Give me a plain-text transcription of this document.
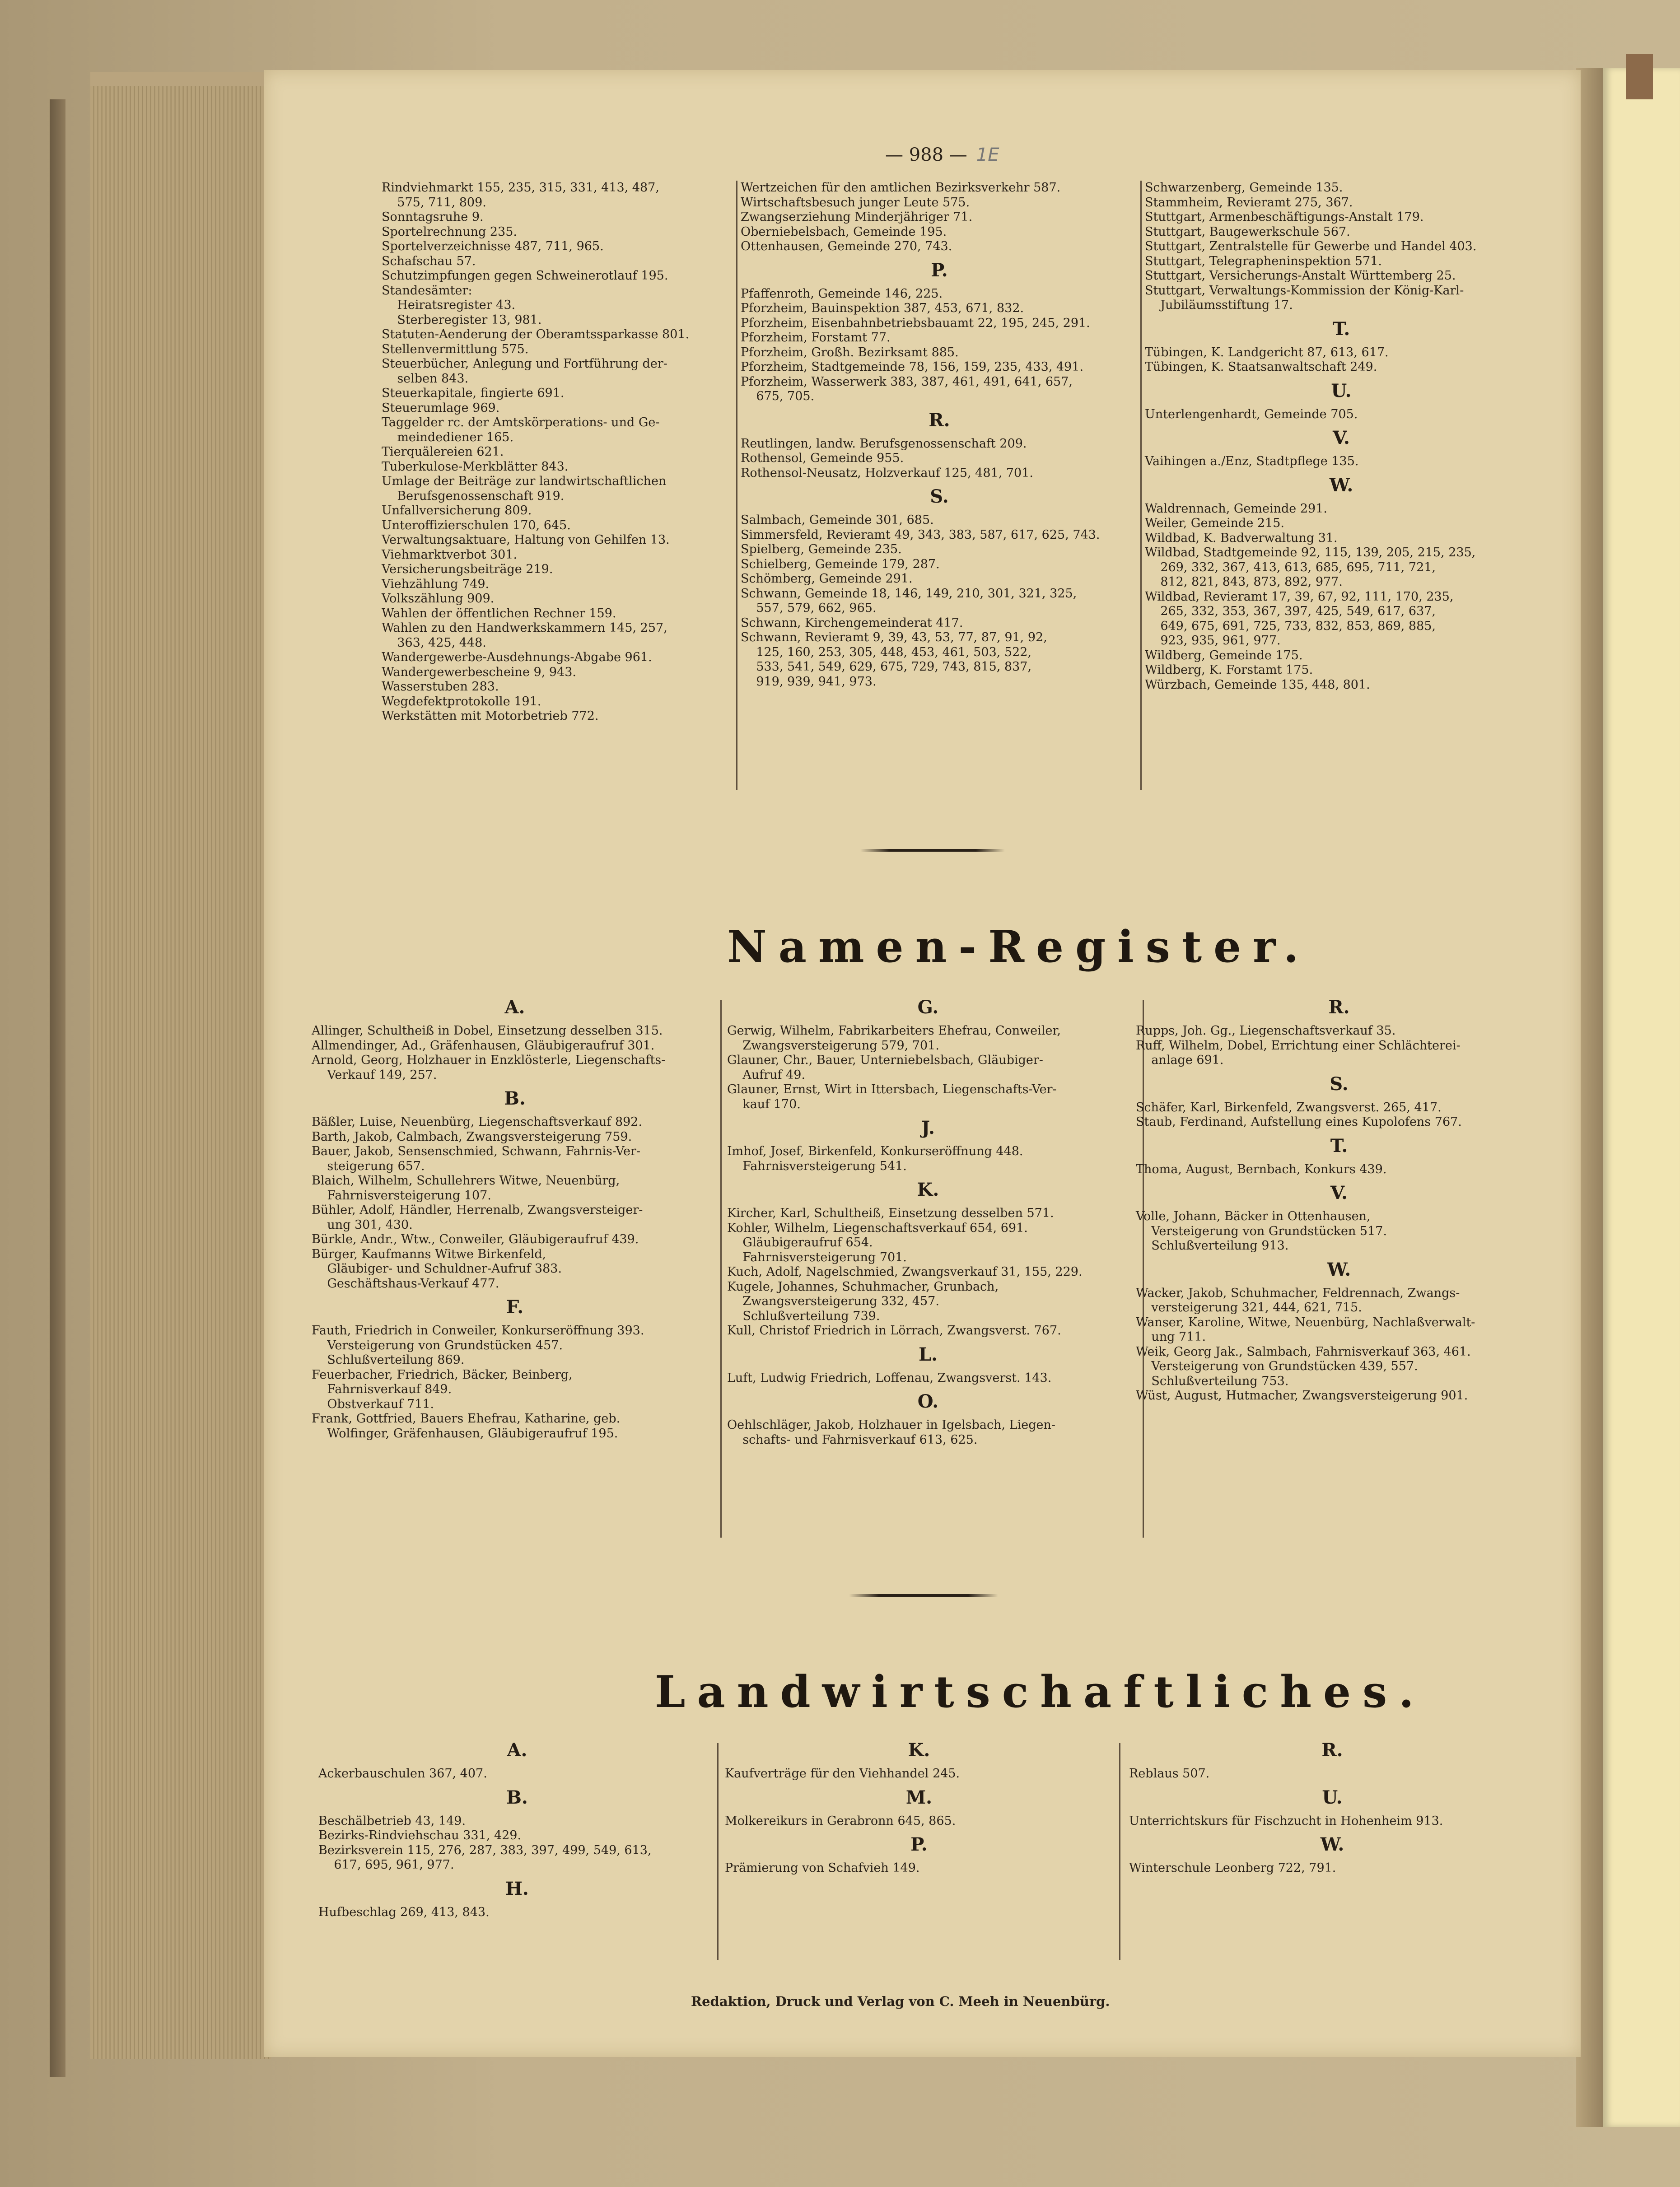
— 988 — 1E
Rindviehmarkt 155, 235, 315, 331, 413, 487,
575, 711, 809.
Sonntagsruhe 9.
Sportelrechnung 235.
Sportelverzeichnisse 487, 711, 965.
Schafschau 57.
Schutzimpfungen gegen Schweinerotlauf 195.
Standesämter:
Heiratsregister 43.
Sterberegister 13, 981.
Statuten-Aenderung der Oberamtssparkasse 801.
Stellenvermittlung 575.
Steuerbücher, Anlegung und Fortführung der-
selben 843.
Steuerkapitale, fingierte 691.
Steuerumlage 969.
Taggelder rc. der Amtskörperations- und Ge-
meindediener 165.
Tierquälereien 621.
Tuberkulose-Merkblätter 843.
Umlage der Beiträge zur landwirtschaftlichen
Berufsgenossenschaft 919.
Unfallversicherung 809.
Unteroffizierschulen 170, 645.
Verwaltungsaktuare, Haltung von Gehilfen 13.
Viehmarktverbot 301.
Versicherungsbeiträge 219.
Viehzählung 749.
Volkszählung 909.
Wahlen der öffentlichen Rechner 159.
Wahlen zu den Handwerkskammern 145, 257,
363, 425, 448.
Wandergewerbe-Ausdehnungs-Abgabe 961.
Wandergewerbescheine 9, 943.
Wasserstuben 283.
Wegdefektprotokolle 191.
Werkstätten mit Motorbetrieb 772.
Wertzeichen für den amtlichen Bezirksverkehr 587.
Wirtschaftsbesuch junger Leute 575.
Zwangserziehung Minderjähriger 71.
Oberniebelsbach, Gemeinde 195.
Ottenhausen, Gemeinde 270, 743.
P.
Pfaffenroth, Gemeinde 146, 225.
Pforzheim, Bauinspektion 387, 453, 671, 832.
Pforzheim, Eisenbahnbetriebsbauamt 22, 195, 245, 291.
Pforzheim, Forstamt 77.
Pforzheim, Großh. Bezirksamt 885.
Pforzheim, Stadtgemeinde 78, 156, 159, 235, 433, 491.
Pforzheim, Wasserwerk 383, 387, 461, 491, 641, 657,
675, 705.
R.
Reutlingen, landw. Berufsgenossenschaft 209.
Rothensol, Gemeinde 955.
Rothensol-Neusatz, Holzverkauf 125, 481, 701.
S.
Salmbach, Gemeinde 301, 685.
Simmersfeld, Revieramt 49, 343, 383, 587, 617, 625, 743.
Spielberg, Gemeinde 235.
Schielberg, Gemeinde 179, 287.
Schömberg, Gemeinde 291.
Schwann, Gemeinde 18, 146, 149, 210, 301, 321, 325,
557, 579, 662, 965.
Schwann, Kirchengemeinderat 417.
Schwann, Revieramt 9, 39, 43, 53, 77, 87, 91, 92,
125, 160, 253, 305, 448, 453, 461, 503, 522,
533, 541, 549, 629, 675, 729, 743, 815, 837,
919, 939, 941, 973.
Schwarzenberg, Gemeinde 135.
Stammheim, Revieramt 275, 367.
Stuttgart, Armenbeschäftigungs-Anstalt 179.
Stuttgart, Baugewerkschule 567.
Stuttgart, Zentralstelle für Gewerbe und Handel 403.
Stuttgart, Telegrapheninspektion 571.
Stuttgart, Versicherungs-Anstalt Württemberg 25.
Stuttgart, Verwaltungs-Kommission der König-Karl-
Jubiläumsstiftung 17.
T.
Tübingen, K. Landgericht 87, 613, 617.
Tübingen, K. Staatsanwaltschaft 249.
U.
Unterlengenhardt, Gemeinde 705.
V.
Vaihingen a./Enz, Stadtpflege 135.
W.
Waldrennach, Gemeinde 291.
Weiler, Gemeinde 215.
Wildbad, K. Badverwaltung 31.
Wildbad, Stadtgemeinde 92, 115, 139, 205, 215, 235,
269, 332, 367, 413, 613, 685, 695, 711, 721,
812, 821, 843, 873, 892, 977.
Wildbad, Revieramt 17, 39, 67, 92, 111, 170, 235,
265, 332, 353, 367, 397, 425, 549, 617, 637,
649, 675, 691, 725, 733, 832, 853, 869, 885,
923, 935, 961, 977.
Wildberg, Gemeinde 175.
Wildberg, K. Forstamt 175.
Würzbach, Gemeinde 135, 448, 801.
Namen-Register.
A.
Allinger, Schultheiß in Dobel, Einsetzung desselben 315.
Allmendinger, Ad., Gräfenhausen, Gläubigeraufruf 301.
Arnold, Georg, Holzhauer in Enzklösterle, Liegenschafts-
Verkauf 149, 257.
B.
Bäßler, Luise, Neuenbürg, Liegenschaftsverkauf 892.
Barth, Jakob, Calmbach, Zwangsversteigerung 759.
Bauer, Jakob, Sensenschmied, Schwann, Fahrnis-Ver-
steigerung 657.
Blaich, Wilhelm, Schullehrers Witwe, Neuenbürg,
Fahrnisversteigerung 107.
Bühler, Adolf, Händler, Herrenalb, Zwangsversteiger-
ung 301, 430.
Bürkle, Andr., Wtw., Conweiler, Gläubigeraufruf 439.
Bürger, Kaufmanns Witwe Birkenfeld,
Gläubiger- und Schuldner-Aufruf 383.
Geschäftshaus-Verkauf 477.
F.
Fauth, Friedrich in Conweiler, Konkurseröffnung 393.
Versteigerung von Grundstücken 457.
Schlußverteilung 869.
Feuerbacher, Friedrich, Bäcker, Beinberg,
Fahrnisverkauf 849.
Obstverkauf 711.
Frank, Gottfried, Bauers Ehefrau, Katharine, geb.
Wolfinger, Gräfenhausen, Gläubigeraufruf 195.
G.
Gerwig, Wilhelm, Fabrikarbeiters Ehefrau, Conweiler,
Zwangsversteigerung 579, 701.
Glauner, Chr., Bauer, Unterniebelsbach, Gläubiger-
Aufruf 49.
Glauner, Ernst, Wirt in Ittersbach, Liegenschafts-Ver-
kauf 170.
J.
Imhof, Josef, Birkenfeld, Konkurseröffnung 448.
Fahrnisversteigerung 541.
K.
Kircher, Karl, Schultheiß, Einsetzung desselben 571.
Kohler, Wilhelm, Liegenschaftsverkauf 654, 691.
Gläubigeraufruf 654.
Fahrnisversteigerung 701.
Kuch, Adolf, Nagelschmied, Zwangsverkauf 31, 155, 229.
Kugele, Johannes, Schuhmacher, Grunbach,
Zwangsversteigerung 332, 457.
Schlußverteilung 739.
Kull, Christof Friedrich in Lörrach, Zwangsverst. 767.
L.
Luft, Ludwig Friedrich, Loffenau, Zwangsverst. 143.
O.
Oehlschläger, Jakob, Holzhauer in Igelsbach, Liegen-
schafts- und Fahrnisverkauf 613, 625.
R.
Rupps, Joh. Gg., Liegenschaftsverkauf 35.
Ruff, Wilhelm, Dobel, Errichtung einer Schlächterei-
anlage 691.
S.
Schäfer, Karl, Birkenfeld, Zwangsverst. 265, 417.
Staub, Ferdinand, Aufstellung eines Kupolofens 767.
T.
Thoma, August, Bernbach, Konkurs 439.
V.
Volle, Johann, Bäcker in Ottenhausen,
Versteigerung von Grundstücken 517.
Schlußverteilung 913.
W.
Wacker, Jakob, Schuhmacher, Feldrennach, Zwangs-
versteigerung 321, 444, 621, 715.
Wanser, Karoline, Witwe, Neuenbürg, Nachlaßverwalt-
ung 711.
Weik, Georg Jak., Salmbach, Fahrnisverkauf 363, 461.
Versteigerung von Grundstücken 439, 557.
Schlußverteilung 753.
Wüst, August, Hutmacher, Zwangsversteigerung 901.
Landwirtschaftliches.
A.
Ackerbauschulen 367, 407.
B.
Beschälbetrieb 43, 149.
Bezirks-Rindviehschau 331, 429.
Bezirksverein 115, 276, 287, 383, 397, 499, 549, 613,
617, 695, 961, 977.
H.
Hufbeschlag 269, 413, 843.
K.
Kaufverträge für den Viehhandel 245.
M.
Molkereikurs in Gerabronn 645, 865.
P.
Prämierung von Schafvieh 149.
R.
Reblaus 507.
U.
Unterrichtskurs für Fischzucht in Hohenheim 913.
W.
Winterschule Leonberg 722, 791.
Redaktion, Druck und Verlag von C. Meeh in Neuenbürg.
